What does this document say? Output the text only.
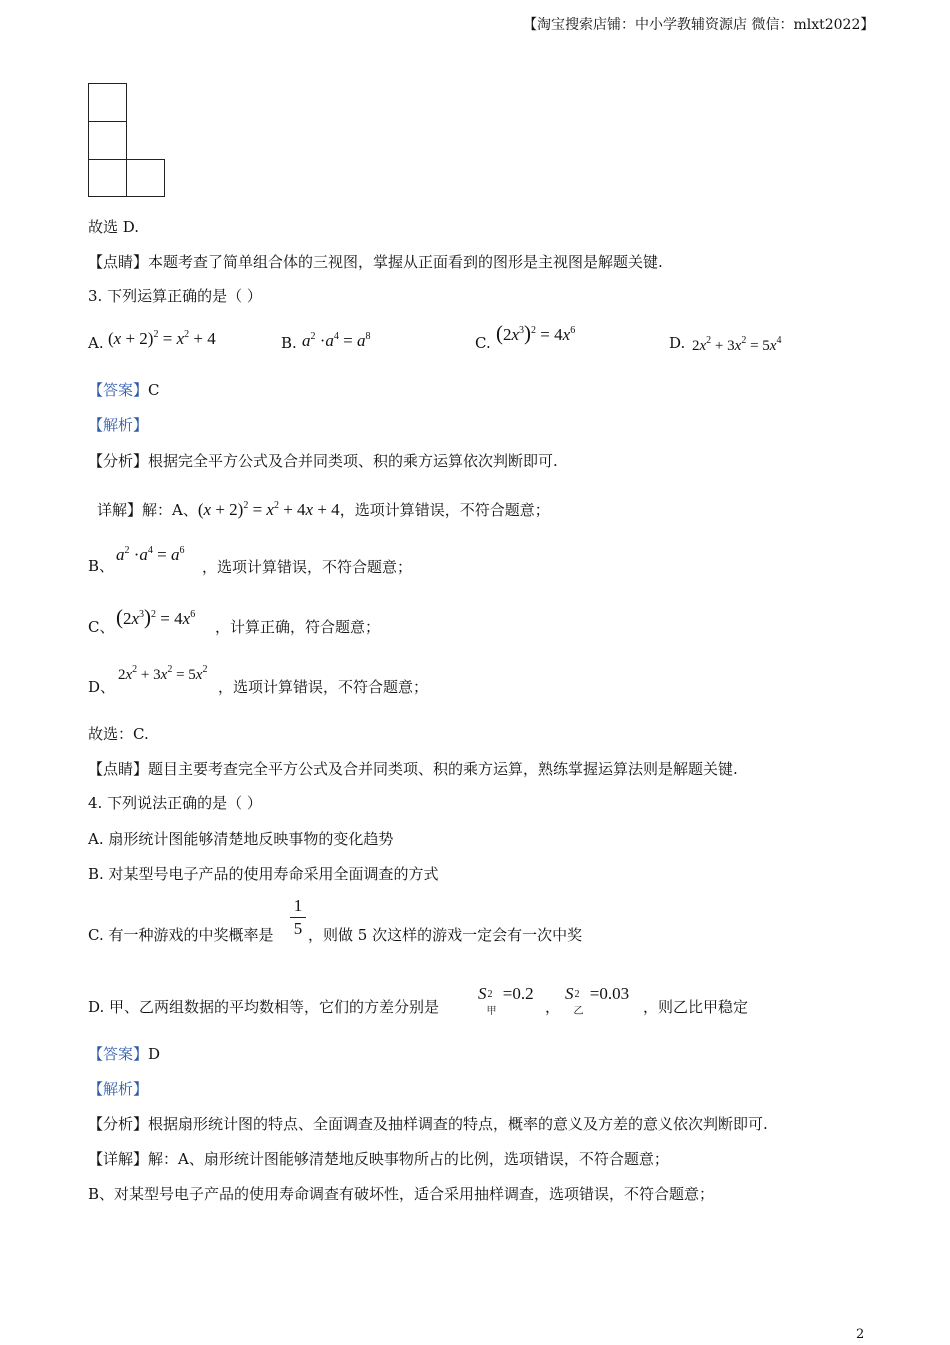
【淘宝搜索店铺：中小学教辅资源店 微信：mlxt2022】
故选 D.
【点睛】本题考查了简单组合体的三视图，掌握从正面看到的图形是主视图是解题关键.
3. 下列运算正确的是（ ）
A. $(x + 2)^2 = x^2 + 4$	B. $a^2 \cdot a^4 = a^8$	C. $(2x^3)^2 = 4x^6$
D. $2x^2 + 3x^2 = 5x^4$
【答案】C
【解析】
【分析】根据完全平方公式及合并同类项、积的乘方运算依次判断即可.
详解】解：A、$(x + 2)^2 = x^2 + 4x + 4$，选项计算错误，不符合题意；
B、
$a^2 \cdot a^4 = a^6$
，选项计算错误，不符合题意；
C、 $(2x^3)^2 = 4x^6$
，计算正确，符合题意；
D、
$2x^2 + 3x^2 = 5x^2$
，选项计算错误，不符合题意；
故选：C.
【点睛】题目主要考查完全平方公式及合并同类项、积的乘方运算，熟练掌握运算法则是解题关键.
4. 下列说法正确的是（ ）
A. 扇形统计图能够清楚地反映事物的变化趋势
B. 对某型号电子产品的使用寿命采用全面调查的方式
C. 有一种游戏的中奖概率是 $\frac{1}{5}$ ，则做 5 次这样的游戏一定会有一次中奖
D. 甲、乙两组数据的平均数相等，它们的方差分别是
S 2
甲
=0.2
，
S 2
乙
=0.03
，则乙比甲稳定
【答案】D
【解析】
【分析】根据扇形统计图的特点、全面调查及抽样调查的特点，概率的意义及方差的意义依次判断即可.
【详解】解：A、扇形统计图能够清楚地反映事物所占的比例，选项错误，不符合题意；
B、对某型号电子产品的使用寿命调查有破坏性，适合采用抽样调查，选项错误，不符合题意；
2
